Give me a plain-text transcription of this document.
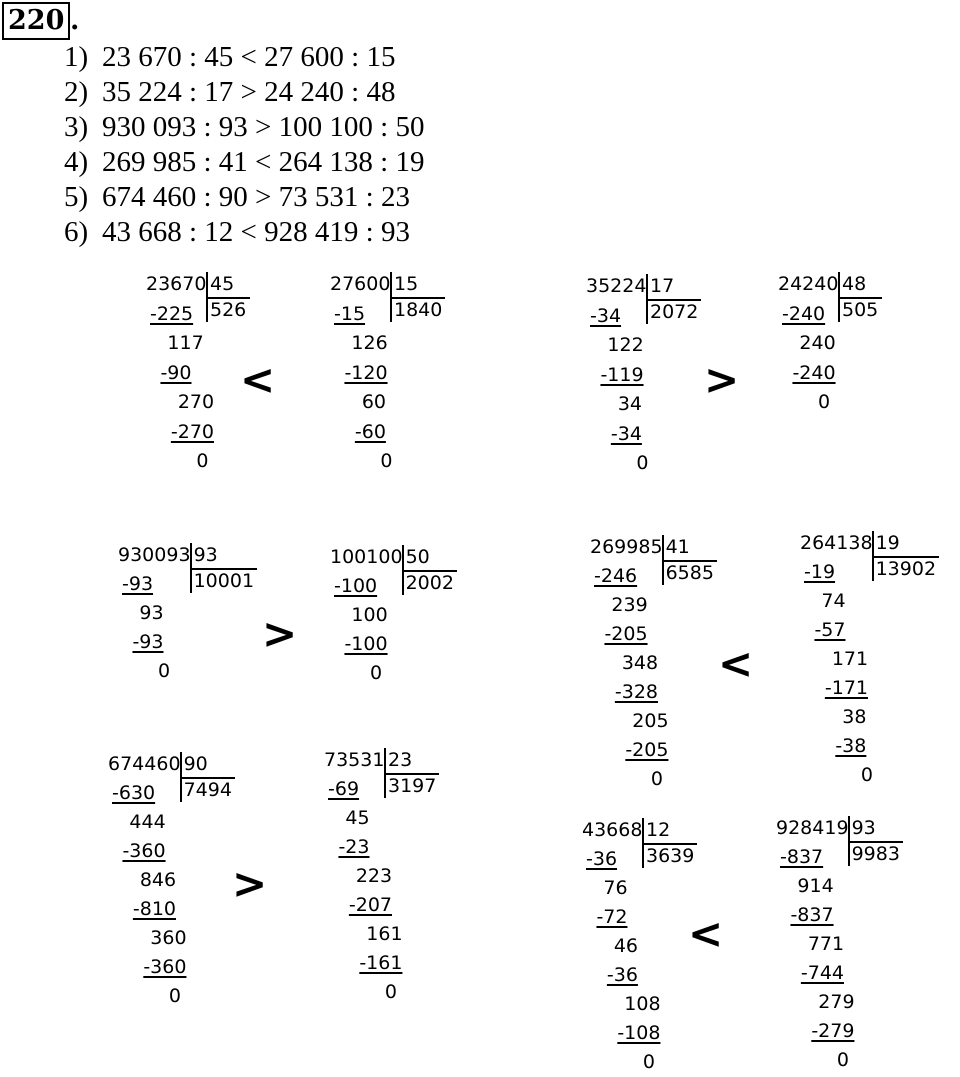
220 .
1) 23 670 : 45 < 27 600 : 15
2) 35 224 : 17 > 24 240 : 48
3) 930 093 : 93 > 100 100 : 50
4) 269 985 : 41 < 264 138 : 19
5) 674 460 : 90 > 73 531 : 23
6) 43 668 : 12 < 928 419 : 93
23670 45
526
-225
117
-90
270
-270
0
27600 15
1840
-15
126
-120
60
-60
0
35224 17
2072
-34
122
-119
34
-34
0
24240 48
505
-240
240
-240
0
930093 93
10001
-93
93
-93
0
100100 50
2002
-100
100
-100
0
269985 41
6585
-246
239
-205
348
-328
205
-205
0
264138 19
13902
-19
74
-57
171
-171
38
-38
0
674460 90
7494
-630
444
-360
846
-810
360
-360
0
73531 23
3197
-69
45
-23
223
-207
161
-161
0
43668 12
3639
-36
76
-72
46
-36
108
-108
0
928419 93
9983
-837
914
-837
771
-744
279
-279
0
<	>
>
<
>
<
